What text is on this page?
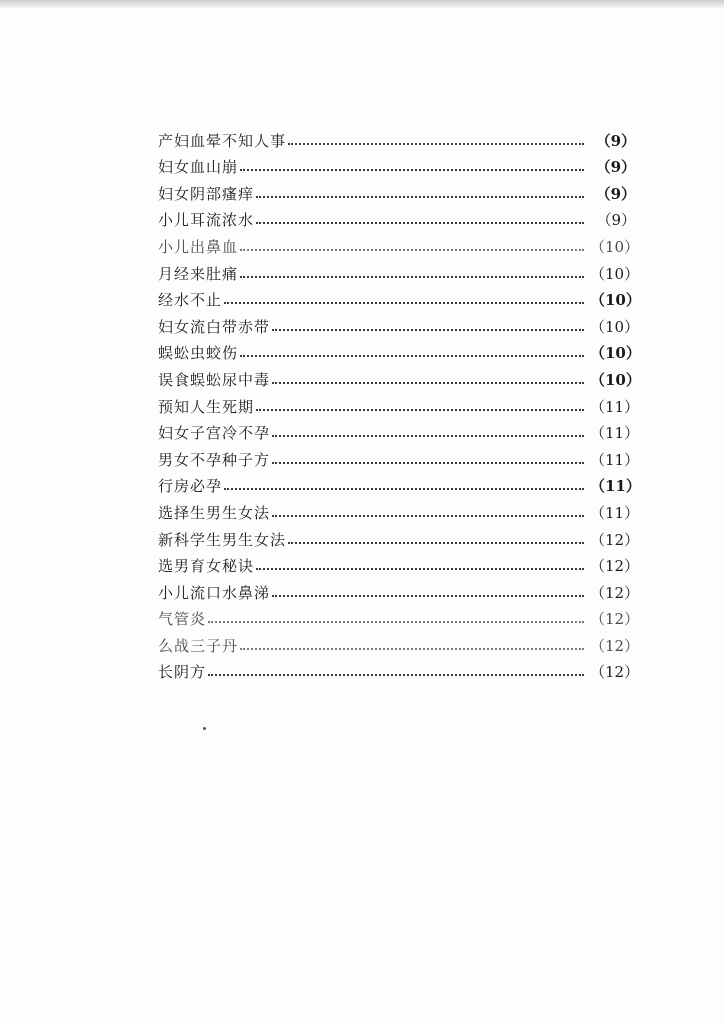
产妇血晕不知人事	（9）
妇女血山崩	（9）
妇女阴部瘙痒	（9）
小儿耳流浓水	（9）
小儿出鼻血	（10）
月经来肚痛	（10）
经水不止	（10）
妇女流白带赤带	（10）
蜈蚣虫蛟伤	（10）
误食蜈蚣尿中毒	（10）
预知人生死期	（11）
妇女子宫冷不孕	（11）
男女不孕种子方	（11）
行房必孕	（11）
选择生男生女法	（11）
新科学生男生女法	（12）
选男育女秘诀	（12）
小儿流口水鼻涕	（12）
气管炎	（12）
么战三子丹	（12）
长阴方	（12）
